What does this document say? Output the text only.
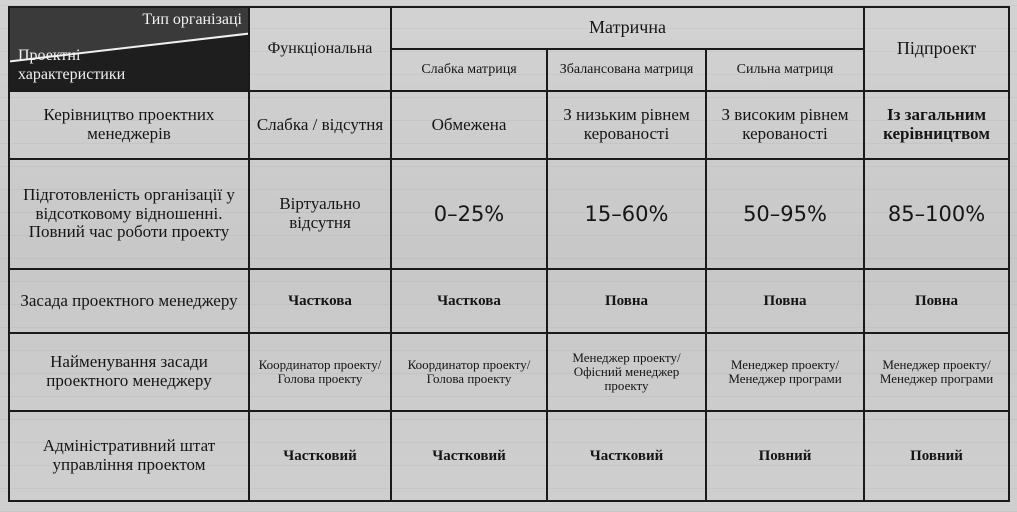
Тип організаці
Проектні
характеристики	Функціональна	Матрична			Підпроект
		Слабка матриця	Збалансована матриця	Сильна матриця	
Керівництво проектних менеджерів	Слабка / відсутня	Обмежена	З низьким рівнем керованості	З високим рівнем керованості	Із загальним керівництвом
Підготовленість організації у відсотковому відношенні. Повний час роботи проекту	Віртуально відсутня	0–25%	15–60%	50–95%	85–100%
Засада проектного менеджеру	Часткова	Часткова	Повна	Повна	Повна
Найменування засади проектного менеджеру	Координатор проекту/ Голова проекту	Координатор проекту/ Голова проекту	Менеджер проекту/ Офісний менеджер проекту	Менеджер проекту/ Менеджер програми	Менеджер проекту/ Менеджер програми
Адміністративний штат управління проектом	Частковий	Частковий	Частковий	Повний	Повний
